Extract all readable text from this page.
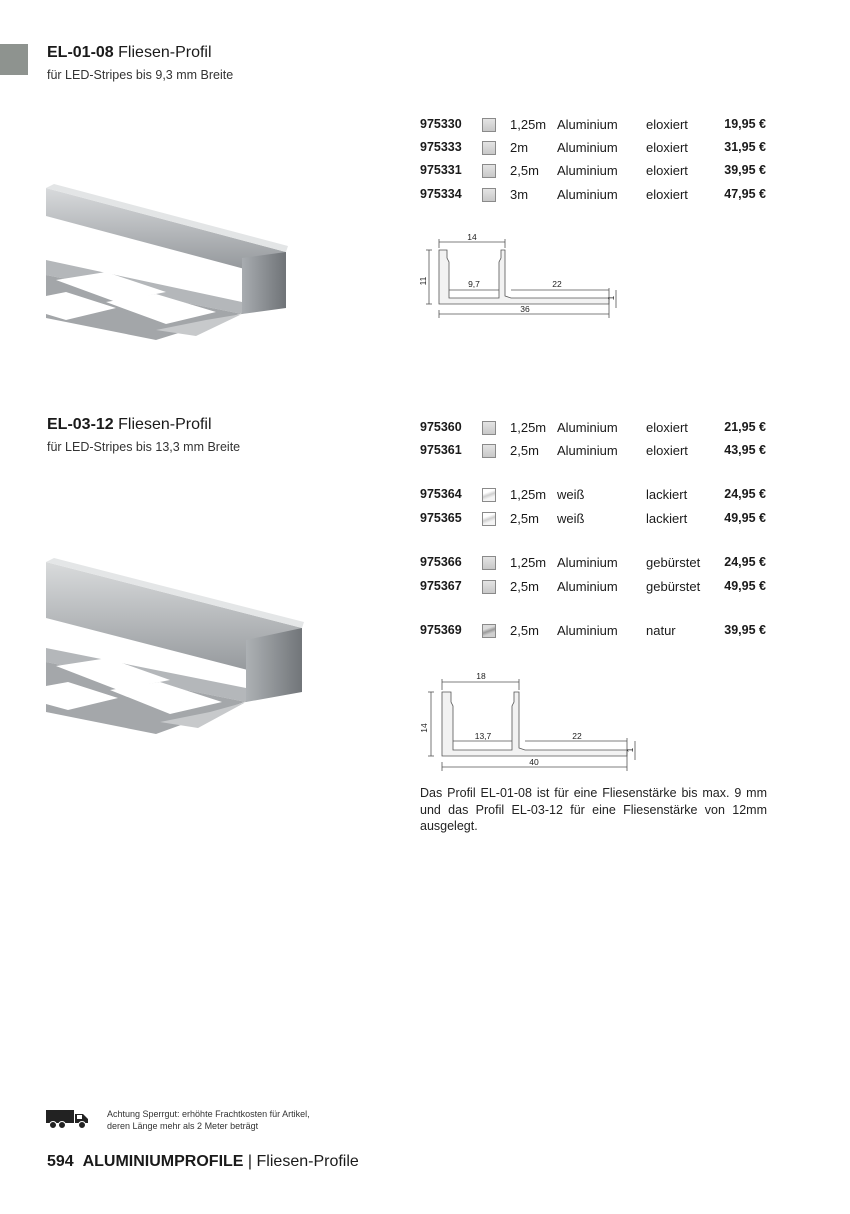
EL-01-08 Fliesen-Profil
für LED-Stripes bis 9,3 mm Breite
975330	1,25m Aluminium eloxiert	19,95 €
975333	2m Aluminium eloxiert	31,95 €
975331	2,5m Aluminium eloxiert	39,95 €
975334	3m Aluminium eloxiert	47,95 €
14
11	9,7	22
36
1
EL-03-12 Fliesen-Profil
für LED-Stripes bis 13,3 mm Breite
975360	1,25m Aluminium eloxiert	21,95 €
975361	2,5m Aluminium eloxiert	43,95 €
975364	1,25m weiß	lackiert	24,95 €
975365	2,5m weiß	lackiert	49,95 €
975366	1,25m Aluminium gebürstet 24,95 €
975367	2,5m Aluminium gebürstet 49,95 €
975369	2,5m Aluminium natur	39,95 €
18
14
13,7	22
40
1
Das Profil EL-01-08 ist für eine Fliesenstärke bis max. 9 mm und das Profil EL-03-12 für eine Fliesenstärke von 12mm ausgelegt.
Achtung Sperrgut: erhöhte Frachtkosten für Artikel,
deren Länge mehr als 2 Meter beträgt
594 ALUMINIUMPROFILE | Fliesen-Profile
